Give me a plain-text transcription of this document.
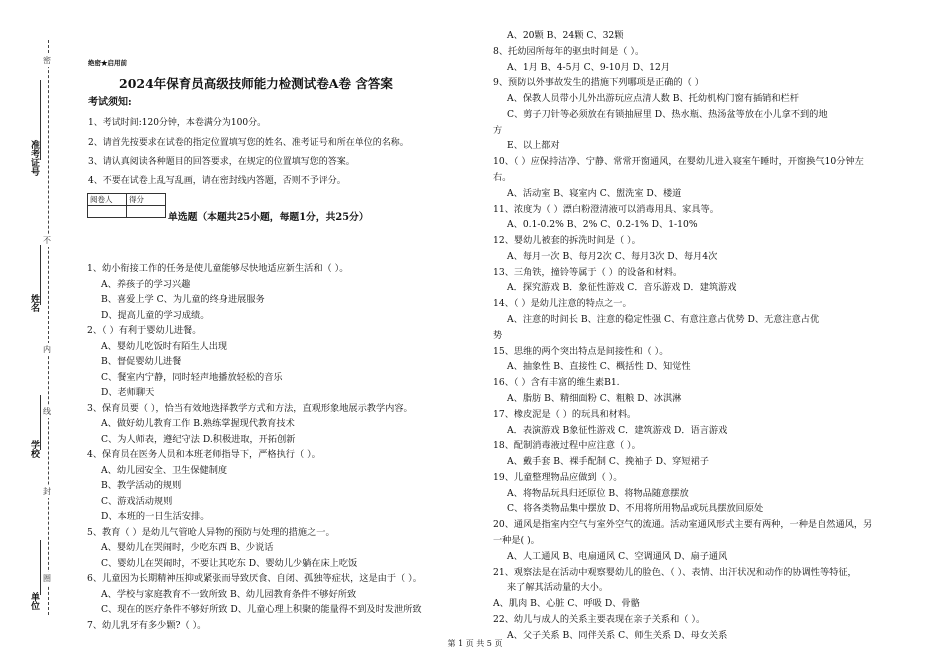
密
不
内
线
封
圈
准考证号
姓名
学校
单位
绝密★启用前
2024年保育员高级技师能力检测试卷A卷 含答案
考试须知:
1、考试时间:120分钟，本卷满分为100分。
2、请首先按要求在试卷的指定位置填写您的姓名、准考证号和所在单位的名称。
3、请认真阅读各种题目的回答要求，在规定的位置填写您的答案。
4、不要在试卷上乱写乱画，请在密封线内答题，否则不予评分。
阅卷人	得分

单选题（本题共25小题，每题1分，共25分）
1、幼小衔接工作的任务是使儿童能够尽快地适应新生活和（ ）。
A、养孩子的学习兴趣
B、喜爱上学 C、为儿童的终身进展服务
D、提高儿童的学习成绩。
2、（ ）有利于婴幼儿进餐。
A、婴幼儿吃饭时有陌生人出现
B、督促婴幼儿进餐
C、餐室内宁静，同时轻声地播放轻松的音乐
D、老师聊天
3、保育员要（ ），恰当有效地选择教学方式和方法，直观形象地展示教学内容。
A、做好幼儿教育工作 B.熟练掌握现代教育技术
C、为人师表，遵纪守法 D.积极进取，开拓创新
4、保育员在医务人员和本班老师指导下，严格执行（ ）。
A、幼儿园安全、卫生保健制度
B、教学活动的规则
C、游戏活动规则
D、本班的一日生活安排。
5、教育（ ）是幼儿气管呛人异物的预防与处理的措施之一。
A、婴幼儿在哭闹时，少吃东西 B、少说话
C、婴幼儿在哭闹时，不要让其吃东 D、婴幼儿少躺在床上吃饭
6、儿童因为长期精神压抑或紧张而导致厌食、自闭、孤独等症状，这是由于（ ）。
A、学校与家庭教育不一致所致 B、幼儿园教育条件不够好所致
C、现在的医疗条件不够好所致 D、儿童心理上积聚的能量得不到及时发泄所致
7、幼儿乳牙有多少颗?（ ）。
A、20颗 B、24颗 C、32颗
8、托幼园所每年的驱虫时间是（ ）。
A、1月 B、4-5月 C、9-10月 D、12月
9、预防以外事故发生的措施下列哪项是正确的（ ）
A、保教人员带小儿外出游玩应点清人数 B、托幼机构门窗有插销和栏杆
C、剪子刀针等必须放在有锁抽屉里 D、热水瓶、热汤盆等放在小儿拿不到的地
方
E、以上都对
10、（ ）应保持洁净、宁静、常常开窗通风，在婴幼儿进入寝室午睡时，开窗换气10分钟左
右。
A、活动室 B、寝室内 C、盥洗室 D、楼道
11、浓度为（ ）漂白粉澄清液可以消毒用具、家具等。
A、0.1-0.2% B、2% C、0.2-1% D、1-10%
12、婴幼儿被套的拆洗时间是（ ）。
A、每月一次 B、每月2次 C、每月3次 D、每月4次
13、三角铁，撞铃等属于（ ）的设备和材料。
A．探究游戏 B．象征性游戏 C．音乐游戏 D．建筑游戏
14、（ ）是幼儿注意的特点之一。
A、注意的时间长 B、注意的稳定性强 C、有意注意占优势 D、无意注意占优
势
15、思维的两个突出特点是间接性和（ ）。
A、抽象性 B、直接性 C、概括性 D、知觉性
16、（ ）含有丰富的维生素B1.
A、脂肪 B、精细面粉 C、粗粮 D、冰淇淋
17、橡皮泥是（ ）的玩具和材料。
A．表演游戏 B象征性游戏 C．建筑游戏 D．语言游戏
18、配制消毒液过程中应注意（ ）。
A、戴手套 B、裸手配制 C、挽袖子 D、穿短裙子
19、儿童整理物品应做到（ ）。
A、将物品玩具归还原位 B、将物品随意摆放
C、将各类物品集中摆放 D、不用将所用物品或玩具摆放回原处
20、通风是指室内空气与室外空气的流通。活动室通风形式主要有两种，一种是自然通风，另
一种是( )。
A、人工通风 B、电扇通风 C、空调通风 D、扇子通风
21、观察法是在活动中观察婴幼儿的脸色、（ ）、表情、出汗状况和动作的协调性等特征，
来了解其活动量的大小。
A、肌肉 B、心脏 C、呼吸 D、骨骼
22、幼儿与成人的关系主要表现在亲子关系和（ ）。
A、父子关系 B、同伴关系 C、师生关系 D、母女关系
第 1 页 共 5 页
